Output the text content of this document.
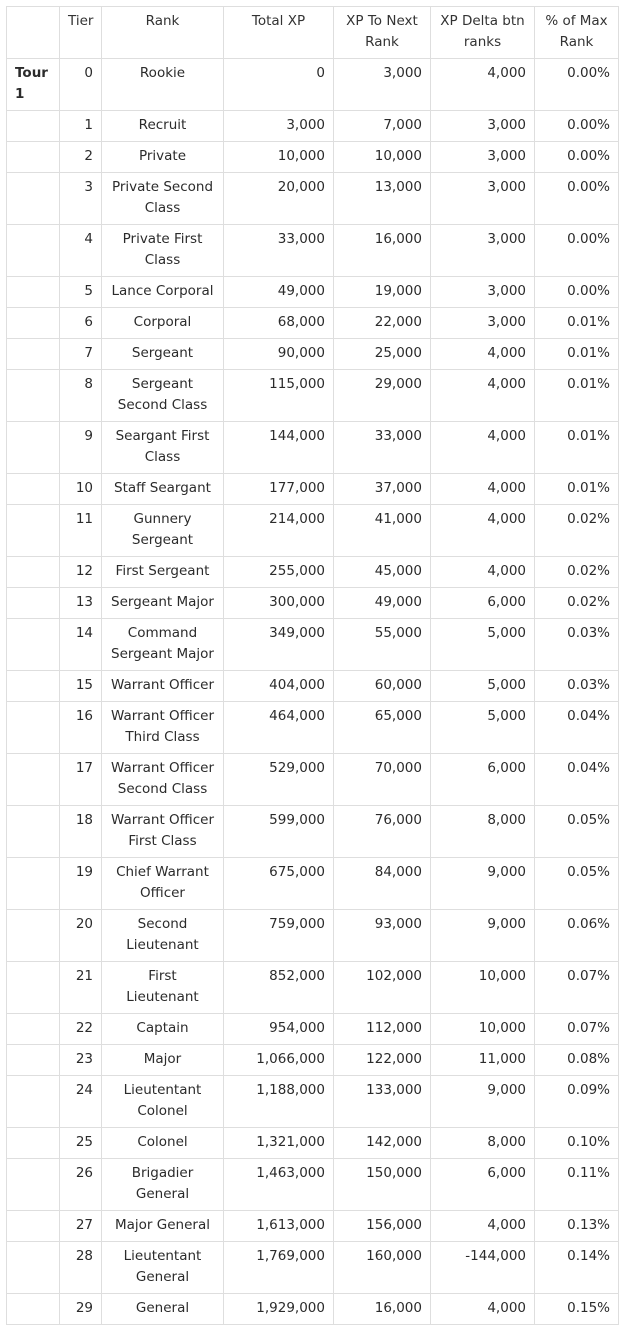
	Tier	Rank	Total XP	XP To Next Rank	XP Delta btn ranks	% of Max Rank
Tour 1	0	Rookie	0	3,000	4,000	0.00%
	1	Recruit	3,000	7,000	3,000	0.00%
	2	Private	10,000	10,000	3,000	0.00%
	3	Private Second Class	20,000	13,000	3,000	0.00%
	4	Private First Class	33,000	16,000	3,000	0.00%
	5	Lance Corporal	49,000	19,000	3,000	0.00%
	6	Corporal	68,000	22,000	3,000	0.01%
	7	Sergeant	90,000	25,000	4,000	0.01%
	8	Sergeant Second Class	115,000	29,000	4,000	0.01%
	9	Seargant First Class	144,000	33,000	4,000	0.01%
	10	Staff Seargant	177,000	37,000	4,000	0.01%
	11	Gunnery Sergeant	214,000	41,000	4,000	0.02%
	12	First Sergeant	255,000	45,000	4,000	0.02%
	13	Sergeant Major	300,000	49,000	6,000	0.02%
	14	Command Sergeant Major	349,000	55,000	5,000	0.03%
	15	Warrant Officer	404,000	60,000	5,000	0.03%
	16	Warrant Officer Third Class	464,000	65,000	5,000	0.04%
	17	Warrant Officer Second Class	529,000	70,000	6,000	0.04%
	18	Warrant Officer First Class	599,000	76,000	8,000	0.05%
	19	Chief Warrant Officer	675,000	84,000	9,000	0.05%
	20	Second Lieutenant	759,000	93,000	9,000	0.06%
	21	First Lieutenant	852,000	102,000	10,000	0.07%
	22	Captain	954,000	112,000	10,000	0.07%
	23	Major	1,066,000	122,000	11,000	0.08%
	24	Lieutentant Colonel	1,188,000	133,000	9,000	0.09%
	25	Colonel	1,321,000	142,000	8,000	0.10%
	26	Brigadier General	1,463,000	150,000	6,000	0.11%
	27	Major General	1,613,000	156,000	4,000	0.13%
	28	Lieutentant General	1,769,000	160,000	-144,000	0.14%
	29	General	1,929,000	16,000	4,000	0.15%
